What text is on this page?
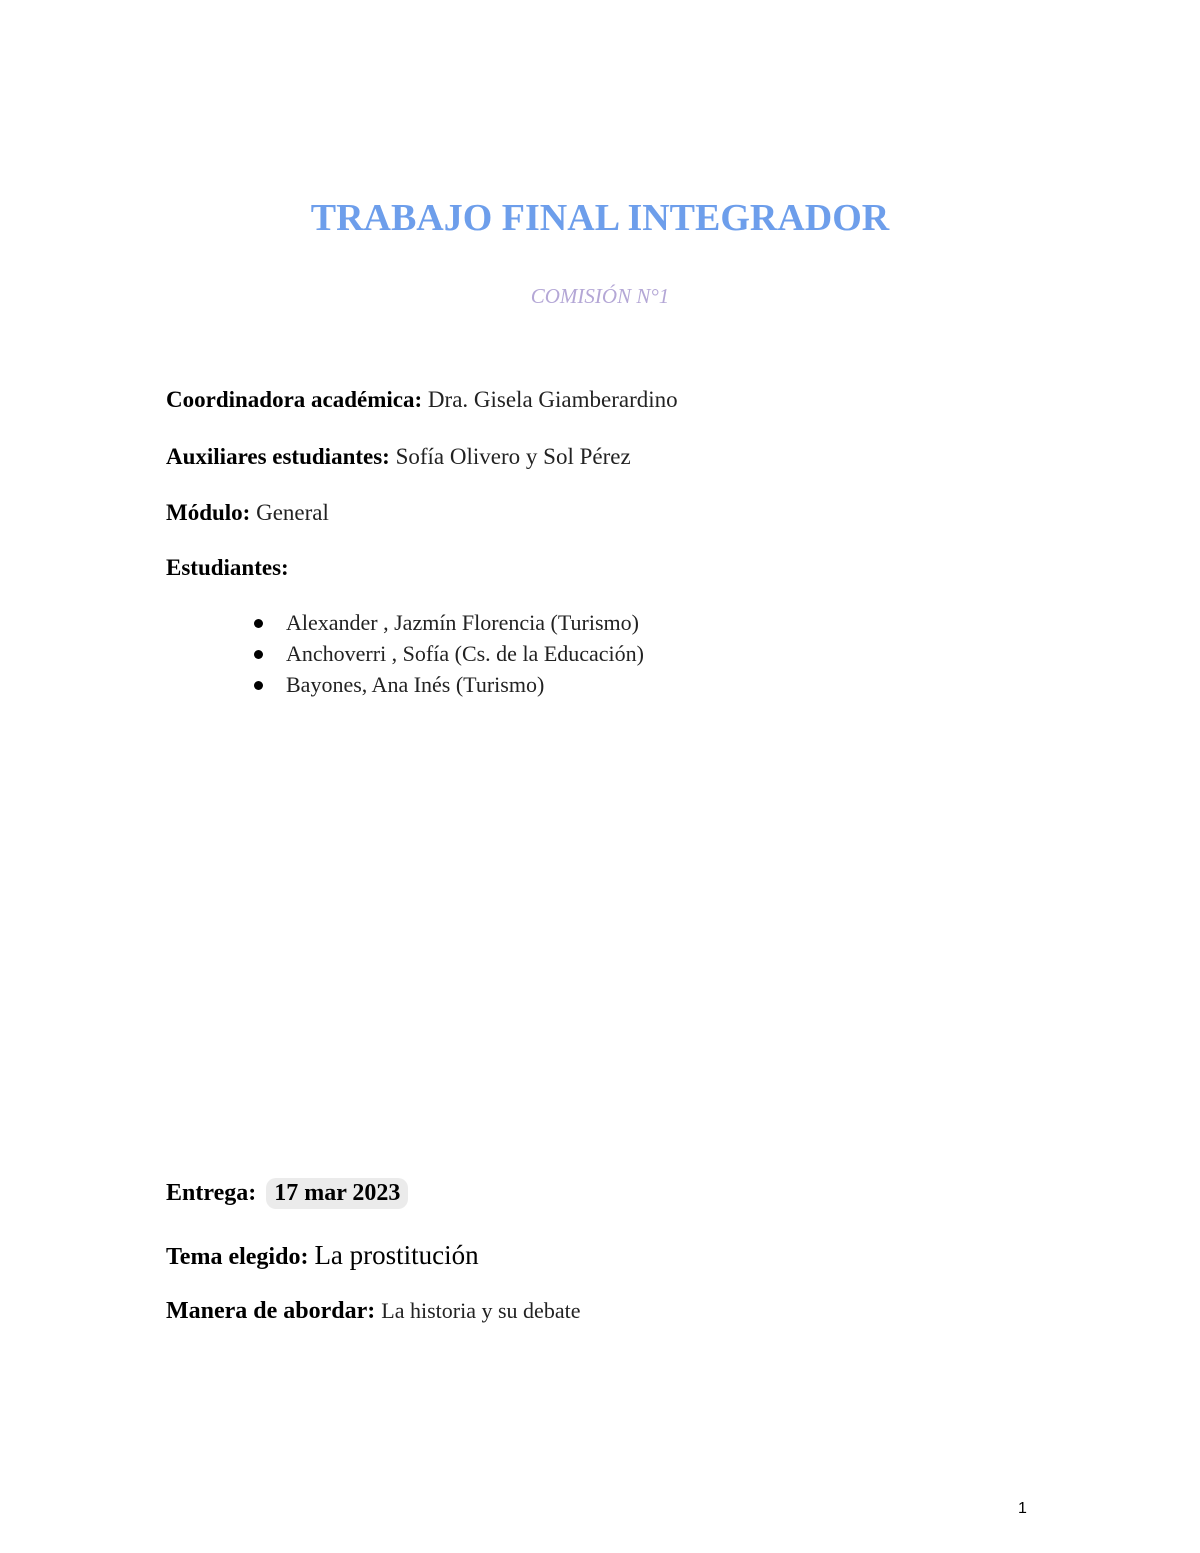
TRABAJO FINAL INTEGRADOR
COMISIÓN N°1
Coordinadora académica: Dra. Gisela Giamberardino
Auxiliares estudiantes: Sofía Olivero y Sol Pérez
Módulo: General
Estudiantes:
Alexander , Jazmín Florencia (Turismo)
Anchoverri , Sofía (Cs. de la Educación)
Bayones, Ana Inés (Turismo)
Entrega: 17 mar 2023
Tema elegido: La prostitución
Manera de abordar: La historia y su debate
1
